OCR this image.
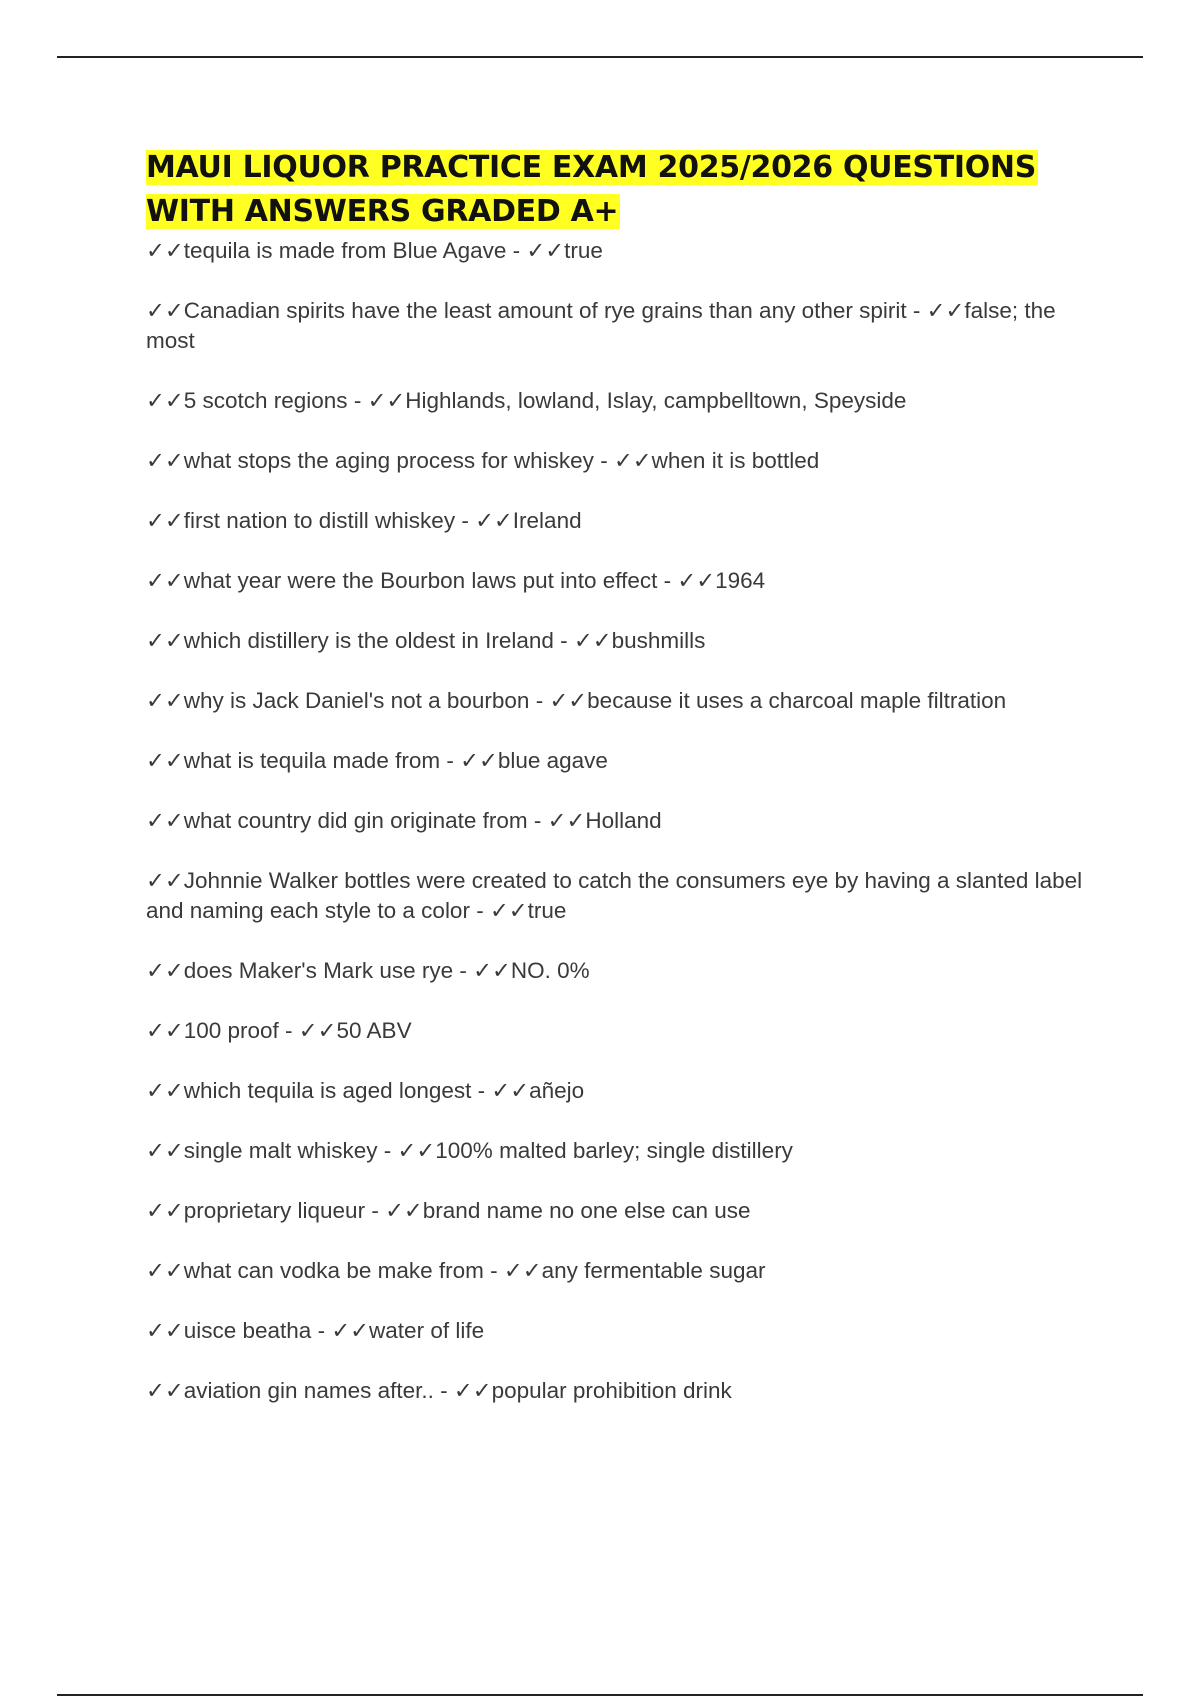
MAUI LIQUOR PRACTICE EXAM 2025/2026 QUESTIONS WITH ANSWERS GRADED A+
✓✓tequila is made from Blue Agave - ✓✓true
✓✓Canadian spirits have the least amount of rye grains than any other spirit - ✓✓false; the most
✓✓5 scotch regions - ✓✓Highlands, lowland, Islay, campbelltown, Speyside
✓✓what stops the aging process for whiskey - ✓✓when it is bottled
✓✓first nation to distill whiskey - ✓✓Ireland
✓✓what year were the Bourbon laws put into effect - ✓✓1964
✓✓which distillery is the oldest in Ireland - ✓✓bushmills
✓✓why is Jack Daniel's not a bourbon - ✓✓because it uses a charcoal maple filtration
✓✓what is tequila made from - ✓✓blue agave
✓✓what country did gin originate from - ✓✓Holland
✓✓Johnnie Walker bottles were created to catch the consumers eye by having a slanted label and naming each style to a color - ✓✓true
✓✓does Maker's Mark use rye - ✓✓NO. 0%
✓✓100 proof - ✓✓50 ABV
✓✓which tequila is aged longest - ✓✓añejo
✓✓single malt whiskey - ✓✓100% malted barley; single distillery
✓✓proprietary liqueur - ✓✓brand name no one else can use
✓✓what can vodka be make from - ✓✓any fermentable sugar
✓✓uisce beatha - ✓✓water of life
✓✓aviation gin names after.. - ✓✓popular prohibition drink
